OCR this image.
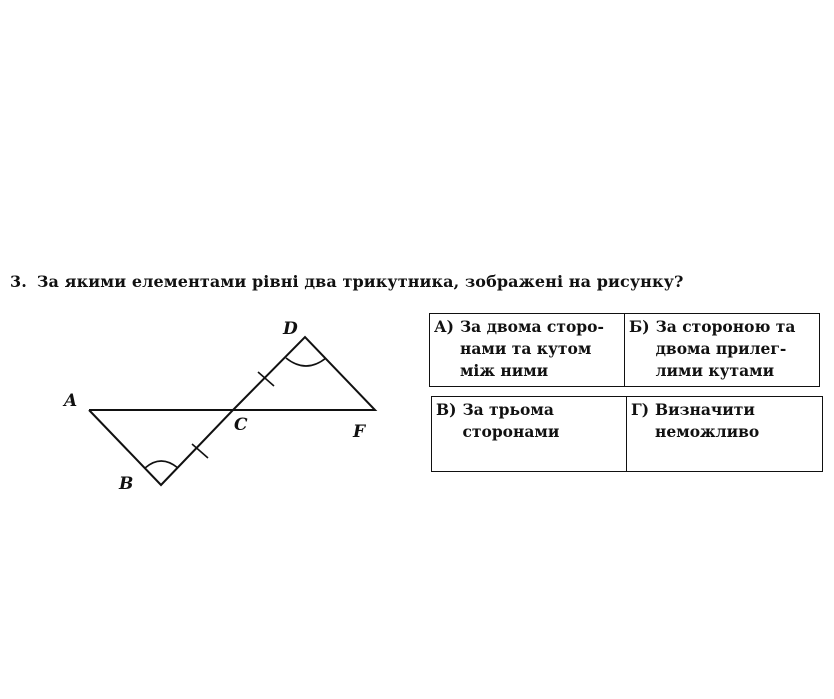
3. За якими елементами рівні два трикутника, зображені на рисунку?
A
B
C
D
F
А) За двома сторо-
нами та кутом
між ними
Б) За стороною та
двома прилег-
лими кутами
В) За трьома
сторонами
Г) Визначити
неможливо
